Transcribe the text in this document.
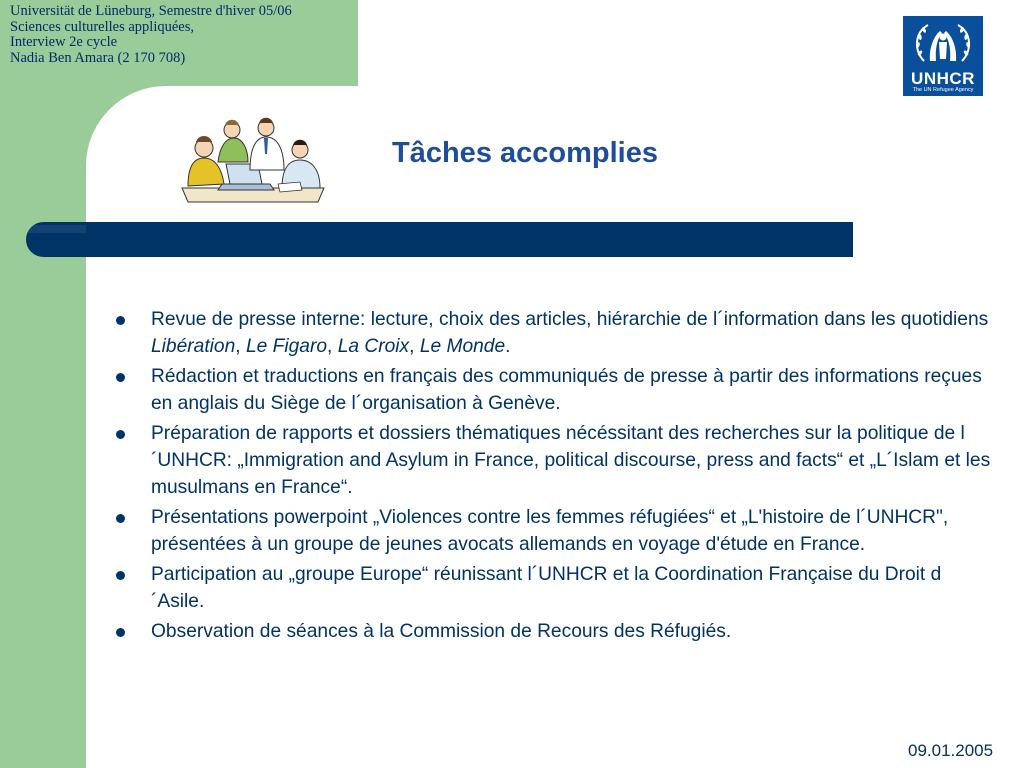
Universität de Lüneburg, Semestre d'hiver 05/06
Sciences culturelles appliquées,
Interview 2e cycle
Nadia Ben Amara (2 170 708)
UNHCR
The UN Refugee Agency
Tâches accomplies
Revue de presse interne: lecture, choix des articles, hiérarchie de l´information dans les quotidiens Libération, Le Figaro, La Croix, Le Monde.
Rédaction et traductions en français des communiqués de presse à partir des informations reçues en anglais du Siège de l´organisation à Genève.
Préparation de rapports et dossiers thématiques nécéssitant des recherches sur la politique de l´UNHCR: „Immigration and Asylum in France, political discourse, press and facts“ et „L´Islam et les musulmans en France“.
Présentations powerpoint „Violences contre les femmes réfugiées“ et „L'histoire de l´UNHCR", présentées à un groupe de jeunes avocats allemands en voyage d'étude en France.
Participation au „groupe Europe“ réunissant l´UNHCR et la Coordination Française du Droit d´Asile.
Observation de séances à la Commission de Recours des Réfugiés.
09.01.2005
